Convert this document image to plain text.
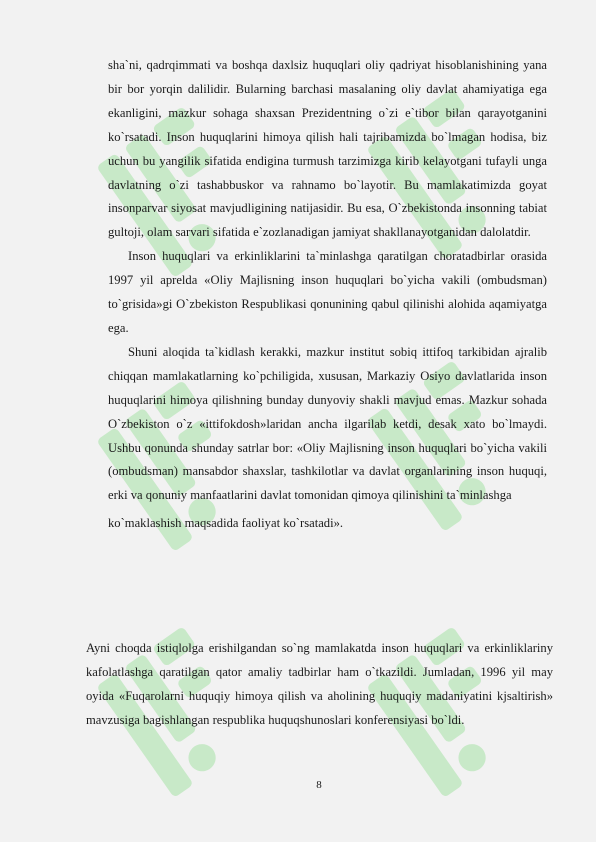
sha`ni, qadrqimmati va boshqa daxlsiz huquqlari oliy qadriyat hisoblanishining yana bir bor yorqin dalilidir. Bularning barchasi masalaning oliy davlat ahamiyatiga ega ekanligini, mazkur sohaga shaxsan Prezidentning o`zi e`tibor bilan qarayotganini ko`rsatadi. Inson huquqlarini himoya qilish hali tajribamizda bo`lmagan hodisa, biz uchun bu yangilik sifatida endigina turmush tarzimizga kirib kelayotgani tufayli unga davlatning o`zi tashabbuskor va rahnamo bo`layotir. Bu mamlakatimizda goyat insonparvar siyosat mavjudligining natijasidir. Bu esa, O`zbekistonda insonning tabiat gultoji, olam sarvari sifatida e`zozlanadigan jamiyat shakllanayotganidan dalolatdir.

Inson huquqlari va erkinliklarini ta`minlashga qaratilgan choratadbirlar orasida 1997 yil aprelda «Oliy Majlisning inson huquqlari bo`yicha vakili (ombudsman) to`grisida»gi O`zbekiston Respublikasi qonunining qabul qilinishi alohida aqamiyatga ega.

Shuni aloqida ta`kidlash kerakki, mazkur institut sobiq ittifoq tarkibidan ajralib chiqqan mamlakatlarning ko`pchiligida, xususan, Markaziy Osiyo davlatlarida inson huquqlarini himoya qilishning bunday dunyoviy shakli mavjud emas. Mazkur sohada O`zbekiston o`z «ittifokdosh»laridan ancha ilgarilab ketdi, desak xato bo`lmaydi. Ushbu qonunda shunday satrlar bor: «Oliy Majlisning inson huquqlari bo`yicha vakili (ombudsman) mansabdor shaxslar, tashkilotlar va davlat organlarining inson huquqi, erki va qonuniy manfaatlarini davlat tomonidan qimoya qilinishini ta`minlashga

ko`maklashish maqsadida faoliyat ko`rsatadi».

Ayni choqda istiqlolga erishilgandan so`ng mamlakatda inson huquqlari va erkinliklariny kafolatlashga qaratilgan qator amaliy tadbirlar ham o`tkazildi. Jumladan, 1996 yil may oyida «Fuqarolarni huquqiy himoya qilish va aholining huquqiy madaniyatini kjsaltirish» mavzusiga bagishlangan respublika huquqshunoslari konferensiyasi bo`ldi.

8
